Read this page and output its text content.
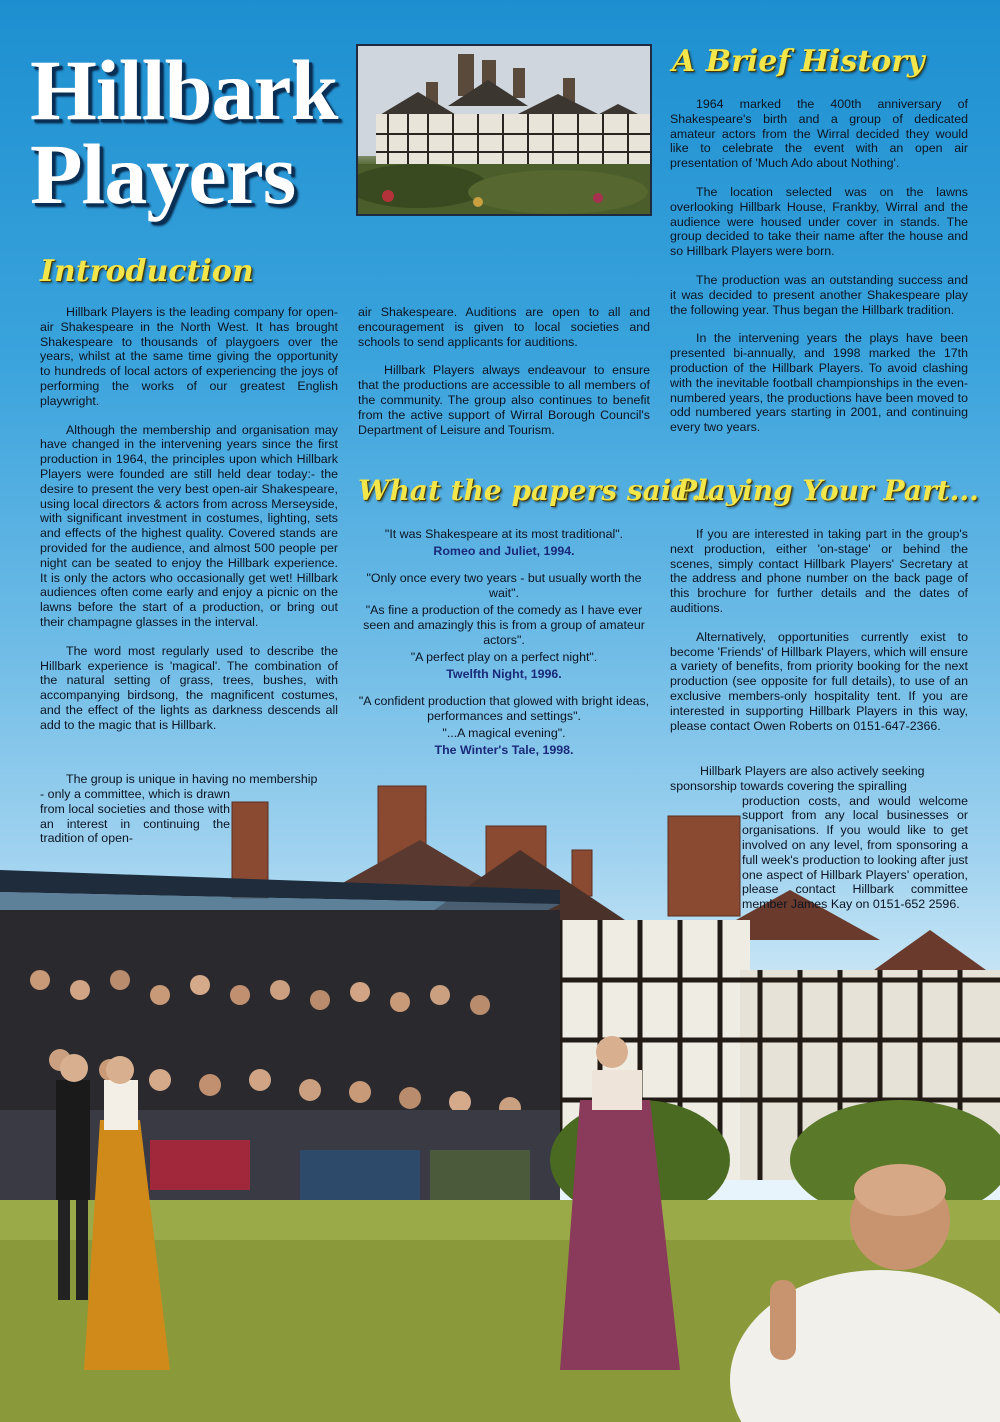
Hillbark
Players
Introduction
A Brief History
What the papers said...
Playing Your Part...

Hillbark Players is the leading company for open-air Shakespeare in the North West. It has brought Shakespeare to thousands of playgoers over the years, whilst at the same time giving the opportunity to hundreds of local actors of experiencing the joys of performing the works of our greatest English playwright.

Although the membership and organisation may have changed in the intervening years since the first production in 1964, the principles upon which Hillbark Players were founded are still held dear today:- the desire to present the very best open-air Shakespeare, using local directors & actors from across Merseyside, with significant investment in costumes, lighting, sets and effects of the highest quality. Covered stands are provided for the audience, and almost 500 people per night can be seated to enjoy the Hillbark experience. It is only the actors who occasionally get wet! Hillbark audiences often come early and enjoy a picnic on the lawns before the start of a production, or bring out their champagne glasses in the interval.

The word most regularly used to describe the Hillbark experience is 'magical'. The combination of the natural setting of grass, trees, bushes, with accompanying birdsong, the magnificent costumes, and the effect of the lights as darkness descends all add to the magic that is Hillbark.

The group is unique in having no membership
- only a committee, which is drawn from local societies and those with an interest in continuing the tradition of open-

air Shakespeare. Auditions are open to all and encouragement is given to local societies and schools to send applicants for auditions.

Hillbark Players always endeavour to ensure that the productions are accessible to all members of the community. The group also continues to benefit from the active support of Wirral Borough Council's Department of Leisure and Tourism.

1964 marked the 400th anniversary of Shakespeare's birth and a group of dedicated amateur actors from the Wirral decided they would like to celebrate the event with an open air presentation of 'Much Ado about Nothing'.

The location selected was on the lawns overlooking Hillbark House, Frankby, Wirral and the audience were housed under cover in stands. The group decided to take their name after the house and so Hillbark Players were born.

The production was an outstanding success and it was decided to present another Shakespeare play the following year. Thus began the Hillbark tradition.

In the intervening years the plays have been presented bi-annually, and 1998 marked the 17th production of the Hillbark Players. To avoid clashing with the inevitable football championships in the even-numbered years, the productions have been moved to odd numbered years starting in 2001, and continuing every two years.

"It was Shakespeare at its most traditional".
Romeo and Juliet, 1994.
"Only once every two years - but usually worth the wait".
"As fine a production of the comedy as I have ever seen and amazingly this is from a group of amateur actors".
"A perfect play on a perfect night".
Twelfth Night, 1996.
"A confident production that glowed with bright ideas, performances and settings".
"...A magical evening".
The Winter's Tale, 1998.

If you are interested in taking part in the group's next production, either 'on-stage' or behind the scenes, simply contact Hillbark Players' Secretary at the address and phone number on the back page of this brochure for further details and the dates of auditions.

Alternatively, opportunities currently exist to become 'Friends' of Hillbark Players, which will ensure a variety of benefits, from priority booking for the next production (see opposite for full details), to use of an exclusive members-only hospitality tent. If you are interested in supporting Hillbark Players in this way, please contact Owen Roberts on 0151-647-2366.

Hillbark Players are also actively seeking
sponsorship towards covering the spiralling
production costs, and would welcome support from any local businesses or organisations. If you would like to get involved on any level, from sponsoring a full week's production to looking after just one aspect of Hillbark Players' operation, please contact Hillbark committee member James Kay on 0151-652 2596.
